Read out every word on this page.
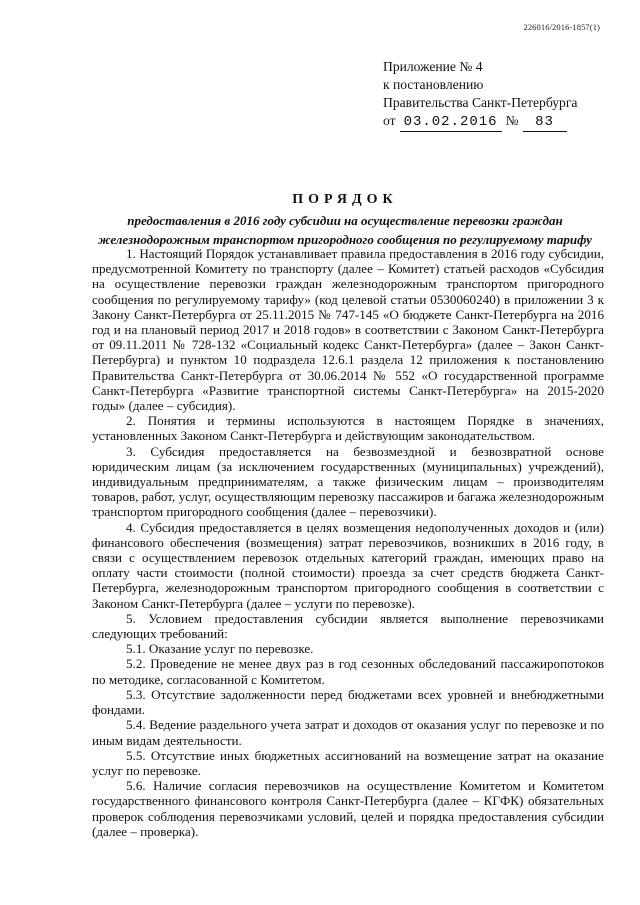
226016/2016-1857(1)
Приложение № 4
к постановлению
Правительства Санкт-Петербурга
от 03.02.2016 №	83
ПОРЯДОК
предоставления в 2016 году субсидии на осуществление перевозки граждан
железнодорожным транспортом пригородного сообщения по регулируемому тарифу

1. Настоящий Порядок устанавливает правила предоставления в 2016 году субсидии, предусмотренной Комитету по транспорту (далее – Комитет) статьей расходов «Субсидия на осуществление перевозки граждан железнодорожным транспортом пригородного сообщения по регулируемому тарифу» (код целевой статьи 0530060240) в приложении 3 к Закону Санкт-Петербурга от 25.11.2015 № 747-145 «О бюджете Санкт-Петербурга на 2016 год и на плановый период 2017 и 2018 годов» в соответствии с Законом Санкт-Петербурга от 09.11.2011 № 728-132 «Социальный кодекс Санкт-Петербурга» (далее – Закон Санкт-Петербурга) и пунктом 10 подраздела 12.6.1 раздела 12 приложения к постановлению Правительства Санкт-Петербурга от 30.06.2014 № 552 «О государственной программе Санкт-Петербурга «Развитие транспортной системы Санкт-Петербурга» на 2015-2020 годы» (далее – субсидия).

2. Понятия и термины используются в настоящем Порядке в значениях, установленных Законом Санкт-Петербурга и действующим законодательством.

3. Субсидия предоставляется на безвозмездной и безвозвратной основе юридическим лицам (за исключением государственных (муниципальных) учреждений), индивидуальным предпринимателям, а также физическим лицам – производителям товаров, работ, услуг, осуществляющим перевозку пассажиров и багажа железнодорожным транспортом пригородного сообщения (далее – перевозчики).

4. Субсидия предоставляется в целях возмещения недополученных доходов и (или) финансового обеспечения (возмещения) затрат перевозчиков, возникших в 2016 году, в связи с осуществлением перевозок отдельных категорий граждан, имеющих право на оплату части стоимости (полной стоимости) проезда за счет средств бюджета Санкт-Петербурга, железнодорожным транспортом пригородного сообщения в соответствии с Законом Санкт-Петербурга (далее – услуги по перевозке).

5. Условием предоставления субсидии является выполнение перевозчиками следующих требований:

5.1. Оказание услуг по перевозке.

5.2. Проведение не менее двух раз в год сезонных обследований пассажиропотоков по методике, согласованной с Комитетом.

5.3. Отсутствие задолженности перед бюджетами всех уровней и внебюджетными фондами.

5.4. Ведение раздельного учета затрат и доходов от оказания услуг по перевозке и по иным видам деятельности.

5.5. Отсутствие иных бюджетных ассигнований на возмещение затрат на оказание услуг по перевозке.

5.6. Наличие согласия перевозчиков на осуществление Комитетом и Комитетом государственного финансового контроля Санкт-Петербурга (далее – КГФК) обязательных проверок соблюдения перевозчиками условий, целей и порядка предоставления субсидии (далее – проверка).
